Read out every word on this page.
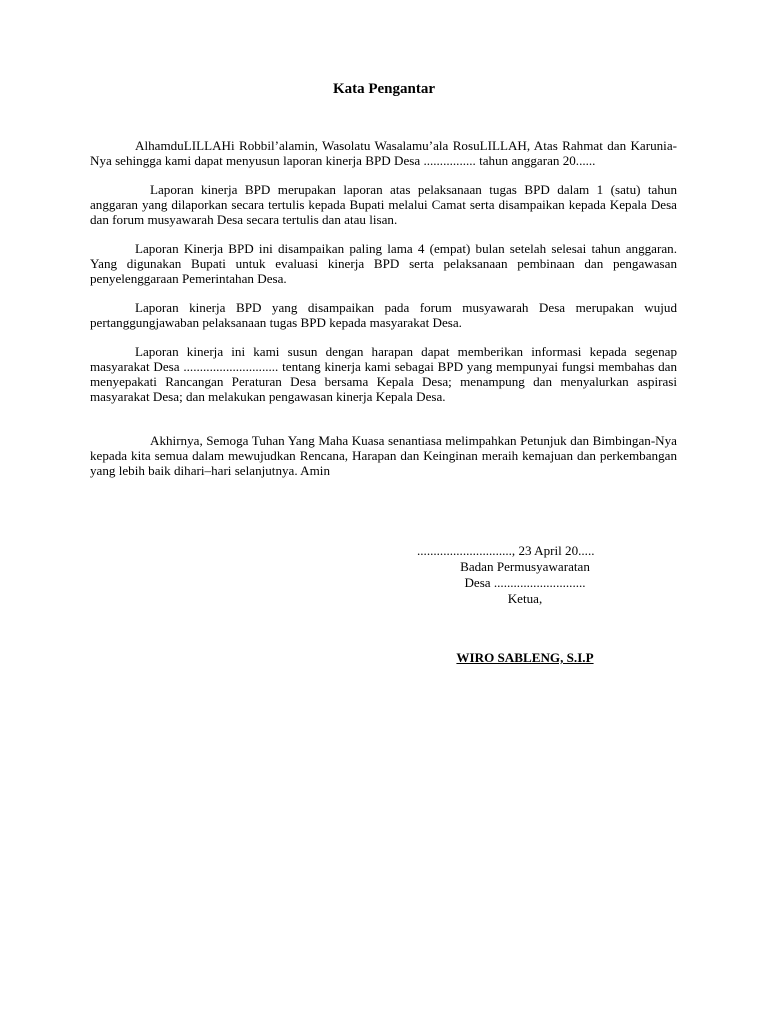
Kata Pengantar

AlhamduLILLAHi Robbil’alamin, Wasolatu Wasalamu’ala RosuLILLAH, Atas Rahmat dan Karunia-Nya sehingga kami dapat menyusun laporan kinerja BPD Desa ................ tahun anggaran 20......

Laporan kinerja BPD merupakan laporan atas pelaksanaan tugas BPD dalam 1 (satu) tahun anggaran yang dilaporkan secara tertulis kepada Bupati melalui Camat serta disampaikan kepada Kepala Desa dan forum musyawarah Desa secara tertulis dan atau lisan.

Laporan Kinerja BPD ini disampaikan paling lama 4 (empat) bulan setelah selesai tahun anggaran. Yang digunakan Bupati untuk evaluasi kinerja BPD serta pelaksanaan pembinaan dan pengawasan penyelenggaraan Pemerintahan Desa.

Laporan kinerja BPD yang disampaikan pada forum musyawarah Desa merupakan wujud pertanggungjawaban pelaksanaan tugas BPD kepada masyarakat Desa.

Laporan kinerja ini kami susun dengan harapan dapat memberikan informasi kepada segenap masyarakat Desa ............................. tentang kinerja kami sebagai BPD yang mempunyai fungsi membahas dan menyepakati Rancangan Peraturan Desa bersama Kepala Desa; menampung dan menyalurkan aspirasi masyarakat Desa; dan melakukan pengawasan kinerja Kepala Desa.

Akhirnya, Semoga Tuhan Yang Maha Kuasa senantiasa melimpahkan Petunjuk dan Bimbingan-Nya kepada kita semua dalam mewujudkan Rencana, Harapan dan Keinginan meraih kemajuan dan perkembangan yang lebih baik dihari–hari selanjutnya. Amin

............................., 23 April 20.....
Badan Permusyawaratan
Desa ............................
Ketua,
WIRO SABLENG, S.I.P
